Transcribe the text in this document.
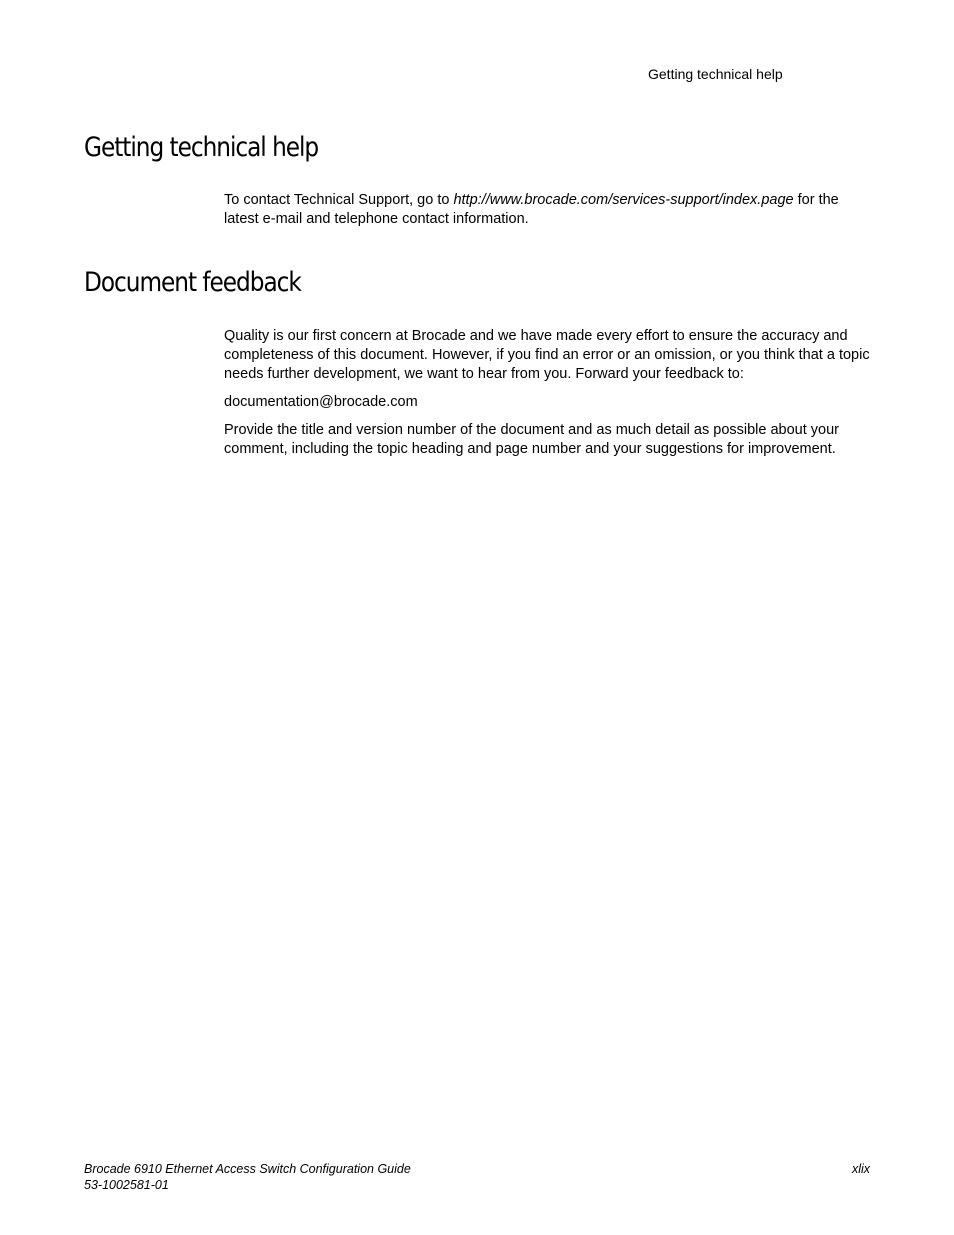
Getting technical help
Getting technical help

To contact Technical Support, go to http://www.brocade.com/services-support/index.page for the latest e-mail and telephone contact information.

Document feedback

Quality is our first concern at Brocade and we have made every effort to ensure the accuracy and completeness of this document. However, if you find an error or an omission, or you think that a topic needs further development, we want to hear from you. Forward your feedback to:

documentation@brocade.com

Provide the title and version number of the document and as much detail as possible about your comment, including the topic heading and page number and your suggestions for improvement.

Brocade 6910 Ethernet Access Switch Configuration Guide
53-1002581-01
xlix
